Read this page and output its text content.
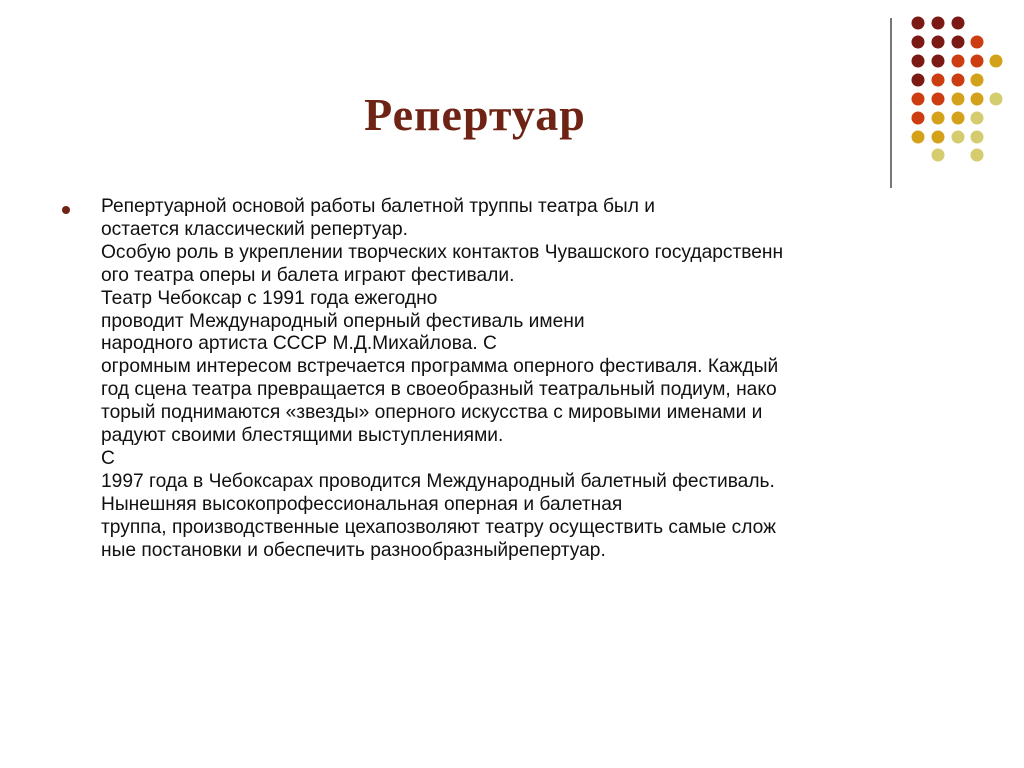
Репертуар
Репертуарной основой работы балетной труппы театра был и
остается классический репертуар.
Особую роль в укреплении творческих контактов Чувашского государственн
ого театра оперы и балета играют фестивали.
Театр Чебоксар с 1991 года ежегодно
проводит Международный оперный фестиваль имени
народного артиста СССР М.Д.Михайлова. С
огромным интересом встречается программа оперного фестиваля. Каждый
год сцена театра превращается в своеобразный театральный подиум, нако
торый поднимаются «звезды» оперного искусства с мировыми именами и
радуют своими блестящими выступлениями.
С
1997 года в Чебоксарах проводится Международный балетный фестиваль.
Нынешняя высокопрофессиональная оперная и балетная
труппа, производственные цехапозволяют театру осуществить самые слож
ные постановки и обеспечить разнообразныйрепертуар.
